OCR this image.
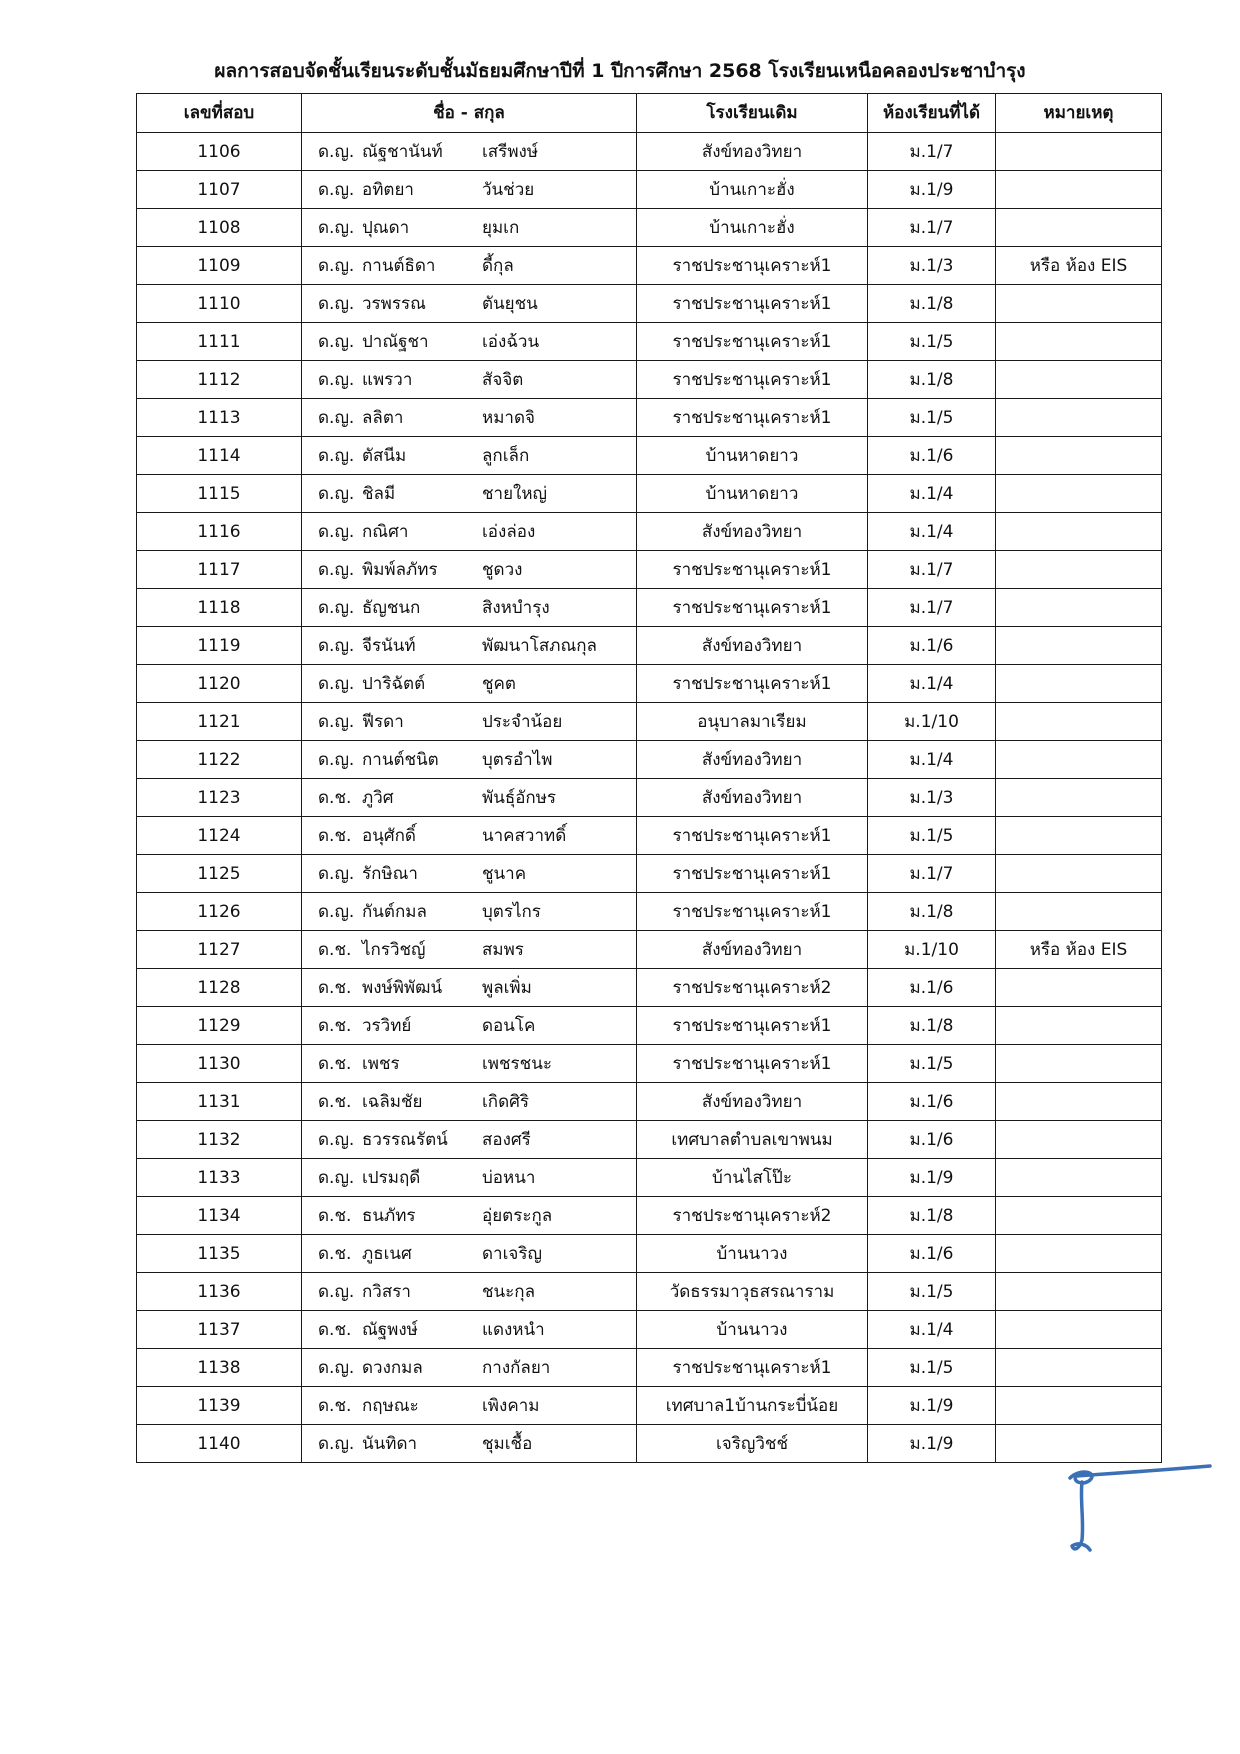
ผลการสอบจัดชั้นเรียนระดับชั้นมัธยมศึกษาปีที่ 1 ปีการศึกษา 2568 โรงเรียนเหนือคลองประชาบำรุง
เลขที่สอบ	ชื่อ - สกุล	โรงเรียนเดิม	ห้องเรียนที่ได้	หมายเหตุ
1106	ด.ญ. ณัฐชานันท์ เสรีพงษ์	สังข์ทองวิทยา	ม.1/7	
1107	ด.ญ. อทิตยา วันช่วย	บ้านเกาะฮั่ง	ม.1/9	
1108	ด.ญ. ปุณดา ยุมเก	บ้านเกาะฮั่ง	ม.1/7	
1109	ด.ญ. กานต์ธิดา ดี้กุล	ราชประชานุเคราะห์1	ม.1/3	หรือ ห้อง EIS
1110	ด.ญ. วรพรรณ ตันยุชน	ราชประชานุเคราะห์1	ม.1/8	
1111	ด.ญ. ปาณัฐชา เอ่งฉ้วน	ราชประชานุเคราะห์1	ม.1/5	
1112	ด.ญ. แพรวา สัจจิต	ราชประชานุเคราะห์1	ม.1/8	
1113	ด.ญ. ลลิตา หมาดจิ	ราชประชานุเคราะห์1	ม.1/5	
1114	ด.ญ. ตัสนีม ลูกเล็ก	บ้านหาดยาว	ม.1/6	
1115	ด.ญ. ชิลมี ชายใหญ่	บ้านหาดยาว	ม.1/4	
1116	ด.ญ. กณิศา เอ่งล่อง	สังข์ทองวิทยา	ม.1/4	
1117	ด.ญ. พิมพ์ลภัทร ชูดวง	ราชประชานุเคราะห์1	ม.1/7	
1118	ด.ญ. ธัญชนก สิงหบำรุง	ราชประชานุเคราะห์1	ม.1/7	
1119	ด.ญ. จีรนันท์ พัฒนาโสภณกุล	สังข์ทองวิทยา	ม.1/6	
1120	ด.ญ. ปาริฉัตต์ ชูคต	ราชประชานุเคราะห์1	ม.1/4	
1121	ด.ญ. ฟีรดา ประจำน้อย	อนุบาลมาเรียม	ม.1/10	
1122	ด.ญ. กานต์ชนิต บุตรอำไพ	สังข์ทองวิทยา	ม.1/4	
1123	ด.ช. ภูวิศ พันธุ์อักษร	สังข์ทองวิทยา	ม.1/3	
1124	ด.ช. อนุศักดิ์ นาคสวาทดิ์	ราชประชานุเคราะห์1	ม.1/5	
1125	ด.ญ. รักษิณา ชูนาค	ราชประชานุเคราะห์1	ม.1/7	
1126	ด.ญ. กันต์กมล บุตรไกร	ราชประชานุเคราะห์1	ม.1/8	
1127	ด.ช. ไกรวิชญ์ สมพร	สังข์ทองวิทยา	ม.1/10	หรือ ห้อง EIS
1128	ด.ช. พงษ์พิพัฒน์ พูลเพิ่ม	ราชประชานุเคราะห์2	ม.1/6	
1129	ด.ช. วรวิทย์ ดอนโค	ราชประชานุเคราะห์1	ม.1/8	
1130	ด.ช. เพชร เพชรชนะ	ราชประชานุเคราะห์1	ม.1/5	
1131	ด.ช. เฉลิมชัย เกิดศิริ	สังข์ทองวิทยา	ม.1/6	
1132	ด.ญ. ธวรรณรัตน์ สองศรี	เทศบาลตำบลเขาพนม	ม.1/6	
1133	ด.ญ. เปรมฤดี บ่อหนา	บ้านไสโป๊ะ	ม.1/9	
1134	ด.ช. ธนภัทร อุ่ยตระกูล	ราชประชานุเคราะห์2	ม.1/8	
1135	ด.ช. ภูธเนศ ดาเจริญ	บ้านนาวง	ม.1/6	
1136	ด.ญ. กวิสรา ชนะกุล	วัดธรรมาวุธสรณาราม	ม.1/5	
1137	ด.ช. ณัฐพงษ์ แดงหนำ	บ้านนาวง	ม.1/4	
1138	ด.ญ. ดวงกมล กางกัลยา	ราชประชานุเคราะห์1	ม.1/5	
1139	ด.ช. กฤษณะ เพิงคาม	เทศบาล1บ้านกระบี่น้อย	ม.1/9	
1140	ด.ญ. นันทิดา ชุมเชื้อ	เจริญวิชช์	ม.1/9	
